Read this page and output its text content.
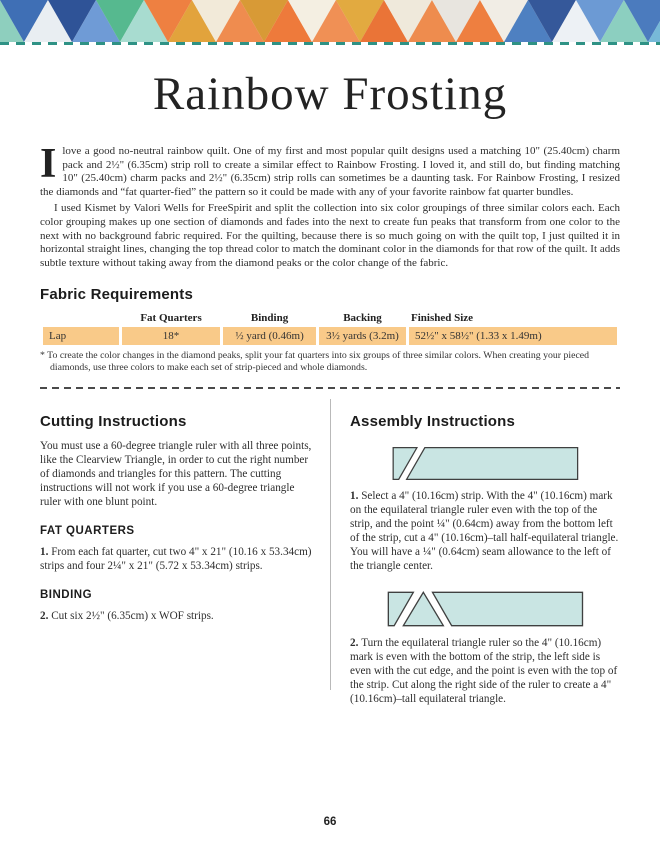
Rainbow Frosting

Ilove a good no-neutral rainbow quilt. One of my first and most popular quilt designs used a matching 10" (25.40cm) charm pack and 2½" (6.35cm) strip roll to create a similar effect to Rainbow Frosting. I loved it, and still do, but finding matching 10" (25.40cm) charm packs and 2½" (6.35cm) strip rolls can sometimes be a daunting task. For Rainbow Frosting, I resized the diamonds and “fat quarter-fied” the pattern so it could be made with any of your favorite rainbow fat quarter bundles.

I used Kismet by Valori Wells for FreeSpirit and split the collection into six color groupings of three similar colors each. Each color grouping makes up one section of diamonds and fades into the next to create fun peaks that transform from one color to the next with no background fabric required. For the quilting, because there is so much going on with the quilt top, I just quilted it in horizontal straight lines, changing the top thread color to match the dominant color in the diamonds for that row of the quilt. It adds subtle texture without taking away from the diamond peaks or the color change of the fabric.

Fabric Requirements
	Fat Quarters	Binding	Backing	Finished Size
Lap	18*	½ yard (0.46m)	3½ yards (3.2m)	52½" x 58½" (1.33 x 1.49m)

* To create the color changes in the diamond peaks, split your fat quarters into six groups of three similar colors. When creating your pieced diamonds, use three colors to make each set of strip-pieced and whole diamonds.

Cutting Instructions

You must use a 60-degree triangle ruler with all three points, like the Clearview Triangle, in order to cut the right number of diamonds and triangles for this pattern. The cutting instructions will not work if you use a 60-degree triangle ruler with one blunt point.

FAT QUARTERS

1. From each fat quarter, cut two 4" x 21" (10.16 x 53.34cm) strips and four 2¼" x 21" (5.72 x 53.34cm) strips.

BINDING

2. Cut six 2½" (6.35cm) x WOF strips.

Assembly Instructions

1. Select a 4" (10.16cm) strip. With the 4" (10.16cm) mark on the equilateral triangle ruler even with the top of the strip, and the point ¼" (0.64cm) away from the bottom left of the strip, cut a 4" (10.16cm)–tall half-equilateral triangle. You will have a ¼" (0.64cm) seam allowance to the left of the triangle center.

2. Turn the equilateral triangle ruler so the 4" (10.16cm) mark is even with the bottom of the strip, the left side is even with the cut edge, and the point is even with the top of the strip. Cut along the right side of the ruler to create a 4" (10.16cm)–tall equilateral triangle.

66
